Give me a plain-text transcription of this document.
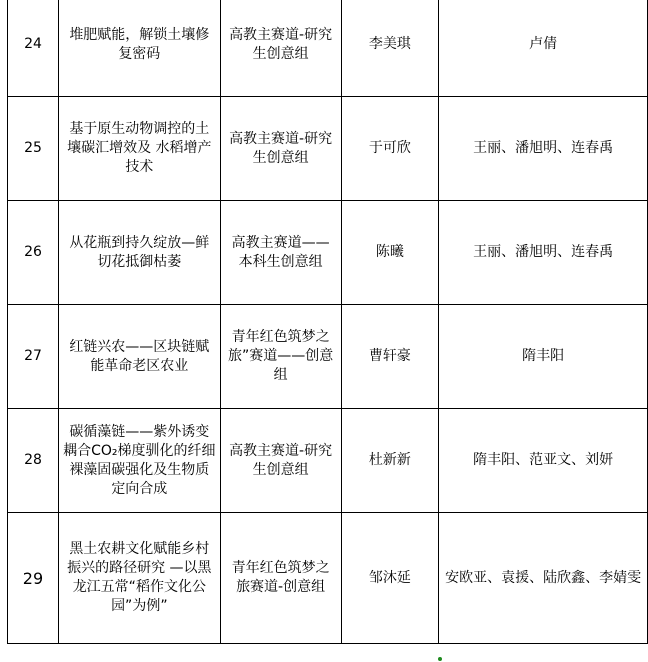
24	堆肥赋能，解锁土壤修复密码	高教主赛道-研究生创意组	李美琪	卢倩
25	基于原生动物调控的土壤碳汇增效及 水稻增产技术	高教主赛道-研究生创意组	于可欣	王丽、潘旭明、连春禹
26	从花瓶到持久绽放—鲜切花抵御枯萎	高教主赛道——本科生创意组	陈曦	王丽、潘旭明、连春禹
27	红链兴农——区块链赋能革命老区农业	青年红色筑梦之旅”赛道——创意组	曹轩豪	隋丰阳
28	碳循藻链——紫外诱变耦合CO₂梯度驯化的纤细裸藻固碳强化及生物质定向合成	高教主赛道-研究生创意组	杜新新	隋丰阳、范亚文、刘妍
29	黑土农耕文化赋能乡村振兴的路径研究 —以黑龙江五常“稻作文化公园”为例”	青年红色筑梦之旅赛道-创意组	邹沐延	安欧亚、袁援、陆欣鑫、李婧雯
